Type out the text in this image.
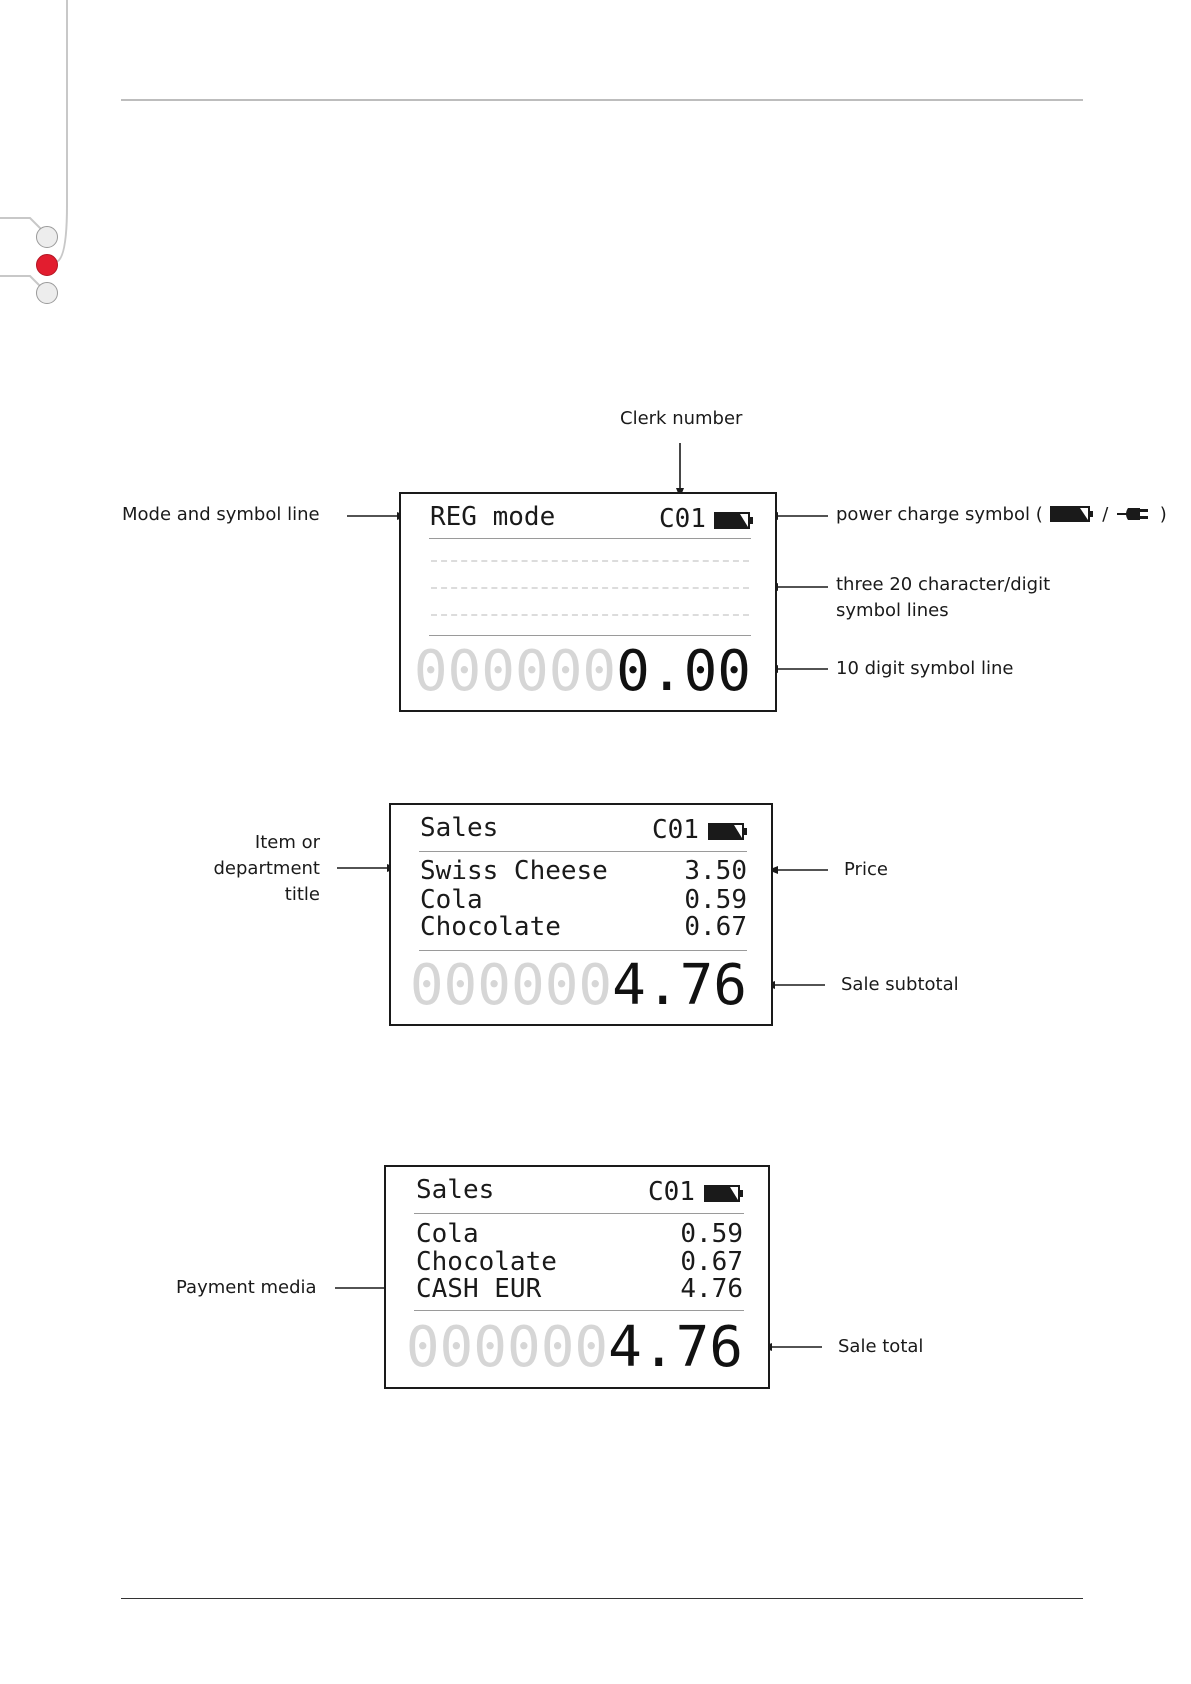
Clerk number
Mode and symbol line	power charge symbol (	/	)
three 20 character/digit
symbol lines
10 digit symbol line
REG mode	C01
0000000.00
Item or
department
title
Price
Sale subtotal
Sales	C01
Swiss Cheese	3.50
Cola	0.59
Chocolate	0.67
0000004.76
Payment media
Sale total
Sales	C01
Cola	0.59
Chocolate	0.67
CASH EUR	4.76
0000004.76
